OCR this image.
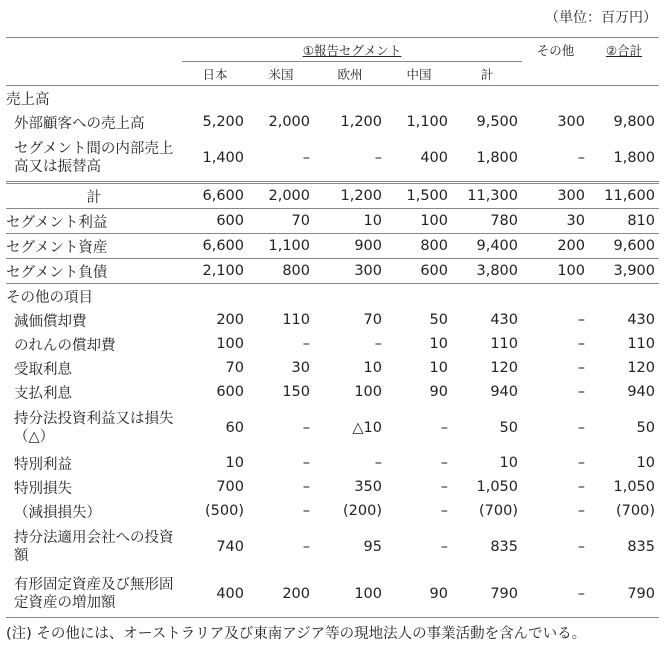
（単位：百万円）
	①報告セグメント					その他	②合計
	日本	米国	欧州	中国	計		
売上高							
外部顧客への売上高	5,200	2,000	1,200	1,100	9,500	300	9,800
セグメント間の内部売上高又は振替高	1,400	–	–	400	1,800	–	1,800
計	6,600	2,000	1,200	1,500	11,300	300	11,600
セグメント利益	600	70	10	100	780	30	810
セグメント資産	6,600	1,100	900	800	9,400	200	9,600
セグメント負債	2,100	800	300	600	3,800	100	3,900
その他の項目							
減価償却費	200	110	70	50	430	–	430
のれんの償却費	100	–	–	10	110	–	110
受取利息	70	30	10	10	120	–	120
支払利息	600	150	100	90	940	–	940
持分法投資利益又は損失（△）	60	–	△10	–	50	–	50
特別利益	10	–	–	–	10	–	10
特別損失	700	–	350	–	1,050	–	1,050
（減損損失）	(500)	–	(200)	–	(700)	–	(700)
持分法適用会社への投資額	740	–	95	–	835	–	835
有形固定資産及び無形固定資産の増加額	400	200	100	90	790	–	790
(注) その他には、オーストラリア及び東南アジア等の現地法人の事業活動を含んでいる。
